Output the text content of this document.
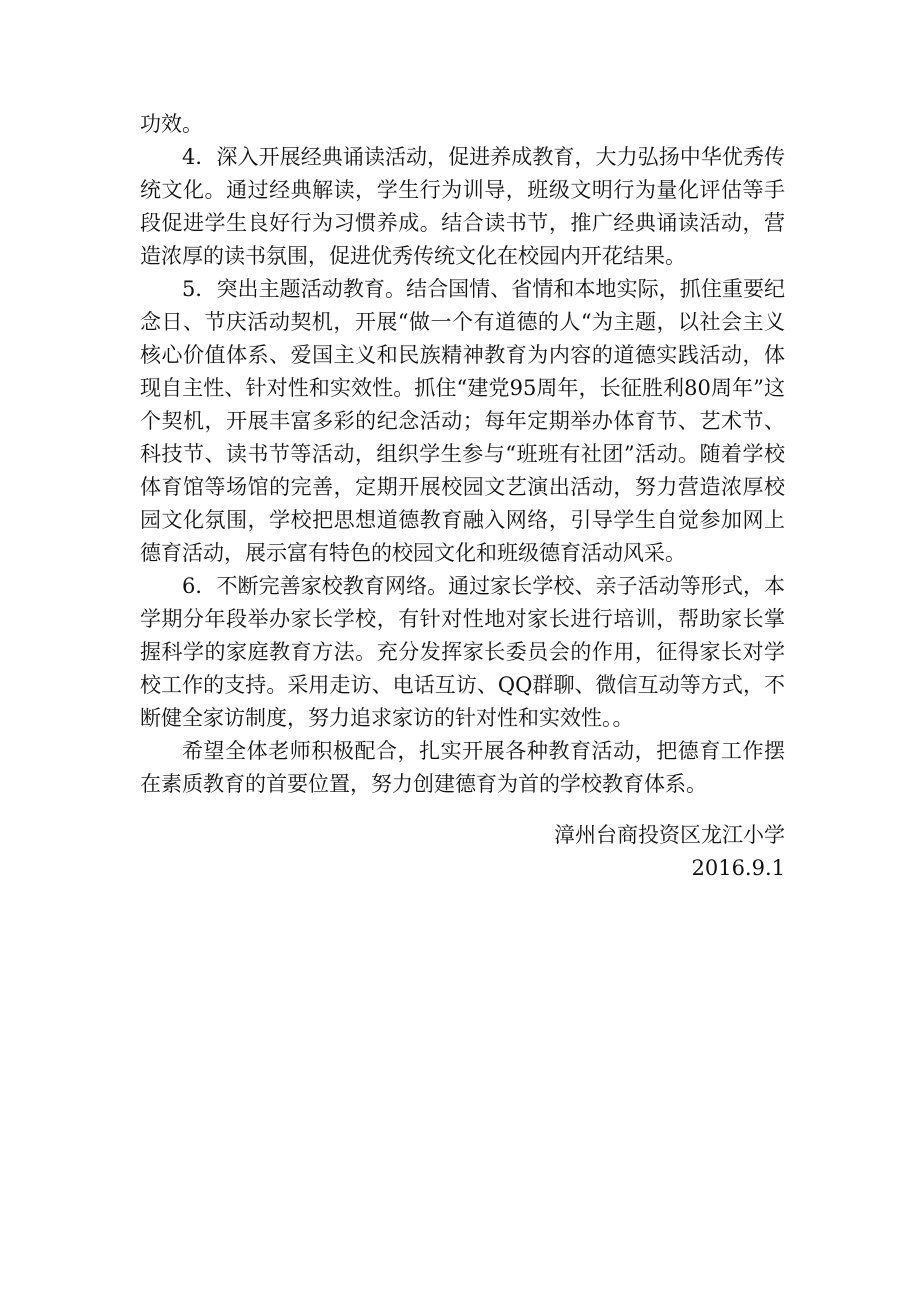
功效。

4．深入开展经典诵读活动，促进养成教育，大力弘扬中华优秀传统文化。通过经典解读，学生行为训导，班级文明行为量化评估等手段促进学生良好行为习惯养成。结合读书节，推广经典诵读活动，营造浓厚的读书氛围，促进优秀传统文化在校园内开花结果。

5．突出主题活动教育。结合国情、省情和本地实际，抓住重要纪念日、节庆活动契机，开展“做一个有道德的人“为主题，以社会主义核心价值体系、爱国主义和民族精神教育为内容的道德实践活动，体现自主性、针对性和实效性。抓住“建党95周年，长征胜利80周年”这个契机，开展丰富多彩的纪念活动；每年定期举办体育节、艺术节、科技节、读书节等活动，组织学生参与“班班有社团”活动。随着学校体育馆等场馆的完善，定期开展校园文艺演出活动，努力营造浓厚校园文化氛围，学校把思想道德教育融入网络，引导学生自觉参加网上德育活动，展示富有特色的校园文化和班级德育活动风采。

6．不断完善家校教育网络。通过家长学校、亲子活动等形式，本学期分年段举办家长学校，有针对性地对家长进行培训，帮助家长掌握科学的家庭教育方法。充分发挥家长委员会的作用，征得家长对学校工作的支持。采用走访、电话互访、QQ群聊、微信互动等方式，不断健全家访制度，努力追求家访的针对性和实效性。。

希望全体老师积极配合，扎实开展各种教育活动，把德育工作摆在素质教育的首要位置，努力创建德育为首的学校教育体系。

漳州台商投资区龙江小学
2016.9.1
